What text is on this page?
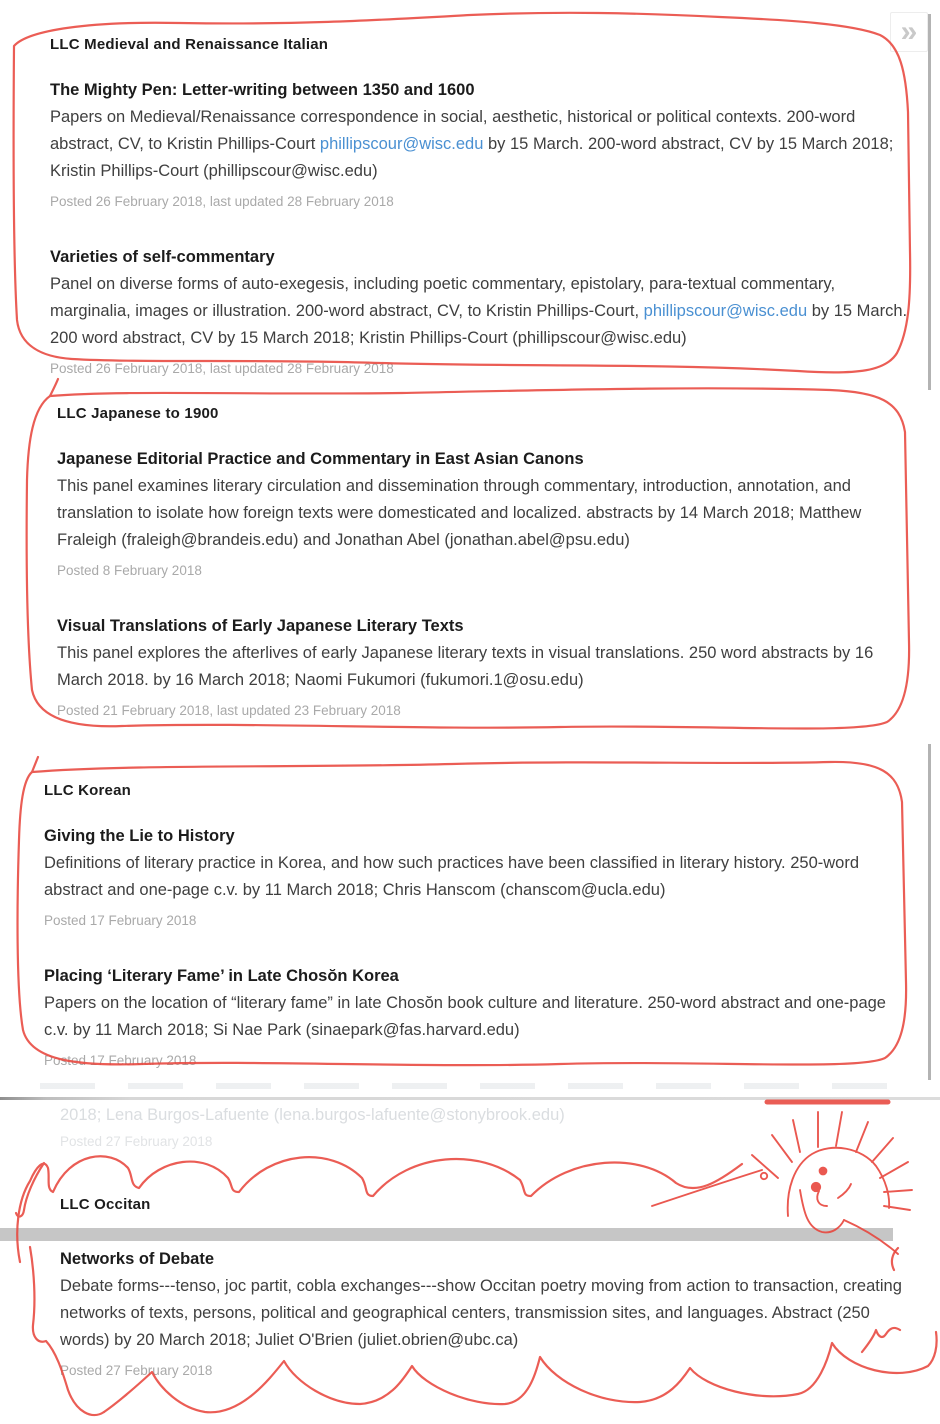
LLC Medieval and Renaissance Italian
The Mighty Pen: Letter-writing between 1350 and 1600

Papers on Medieval/Renaissance correspondence in social, aesthetic, historical or political contexts. 200-word abstract, CV, to Kristin Phillips-Court phillipscour@wisc.edu by 15 March. 200-word abstract, CV by 15 March 2018; Kristin Phillips-Court (phillipscour@wisc.edu)

Posted 26 February 2018, last updated 28 February 2018
Varieties of self-commentary

Panel on diverse forms of auto-exegesis, including poetic commentary, epistolary, para-textual commentary, marginalia, images or illustration. 200-word abstract, CV, to Kristin Phillips-Court, phillipscour@wisc.edu by 15 March. 200 word abstract, CV by 15 March 2018; Kristin Phillips-Court (phillipscour@wisc.edu)

Posted 26 February 2018, last updated 28 February 2018
LLC Japanese to 1900
Japanese Editorial Practice and Commentary in East Asian Canons

This panel examines literary circulation and dissemination through commentary, introduction, annotation, and translation to isolate how foreign texts were domesticated and localized. abstracts by 14 March 2018; Matthew Fraleigh (fraleigh@brandeis.edu) and Jonathan Abel (jonathan.abel@psu.edu)

Posted 8 February 2018
Visual Translations of Early Japanese Literary Texts

This panel explores the afterlives of early Japanese literary texts in visual translations. 250 word abstracts by 16 March 2018. by 16 March 2018; Naomi Fukumori (fukumori.1@osu.edu)

Posted 21 February 2018, last updated 23 February 2018
LLC Korean
Giving the Lie to History

Definitions of literary practice in Korea, and how such practices have been classified in literary history. 250-word abstract and one-page c.v. by 11 March 2018; Chris Hanscom (chanscom@ucla.edu)

Posted 17 February 2018
Placing ‘Literary Fame’ in Late Chosŏn Korea

Papers on the location of “literary fame” in late Chosŏn book culture and literature. 250-word abstract and one-page c.v. by 11 March 2018; Si Nae Park (sinaepark@fas.harvard.edu)

Posted 17 February 2018

2018; Lena Burgos-Lafuente (lena.burgos-lafuente@stonybrook.edu)

Posted 27 February 2018
LLC Occitan
Networks of Debate

Debate forms---tenso, joc partit, cobla exchanges---show Occitan poetry moving from action to transaction, creating networks of texts, persons, political and geographical centers, transmission sites, and languages. Abstract (250 words) by 20 March 2018; Juliet O'Brien (juliet.obrien@ubc.ca)

Posted 27 February 2018
»
